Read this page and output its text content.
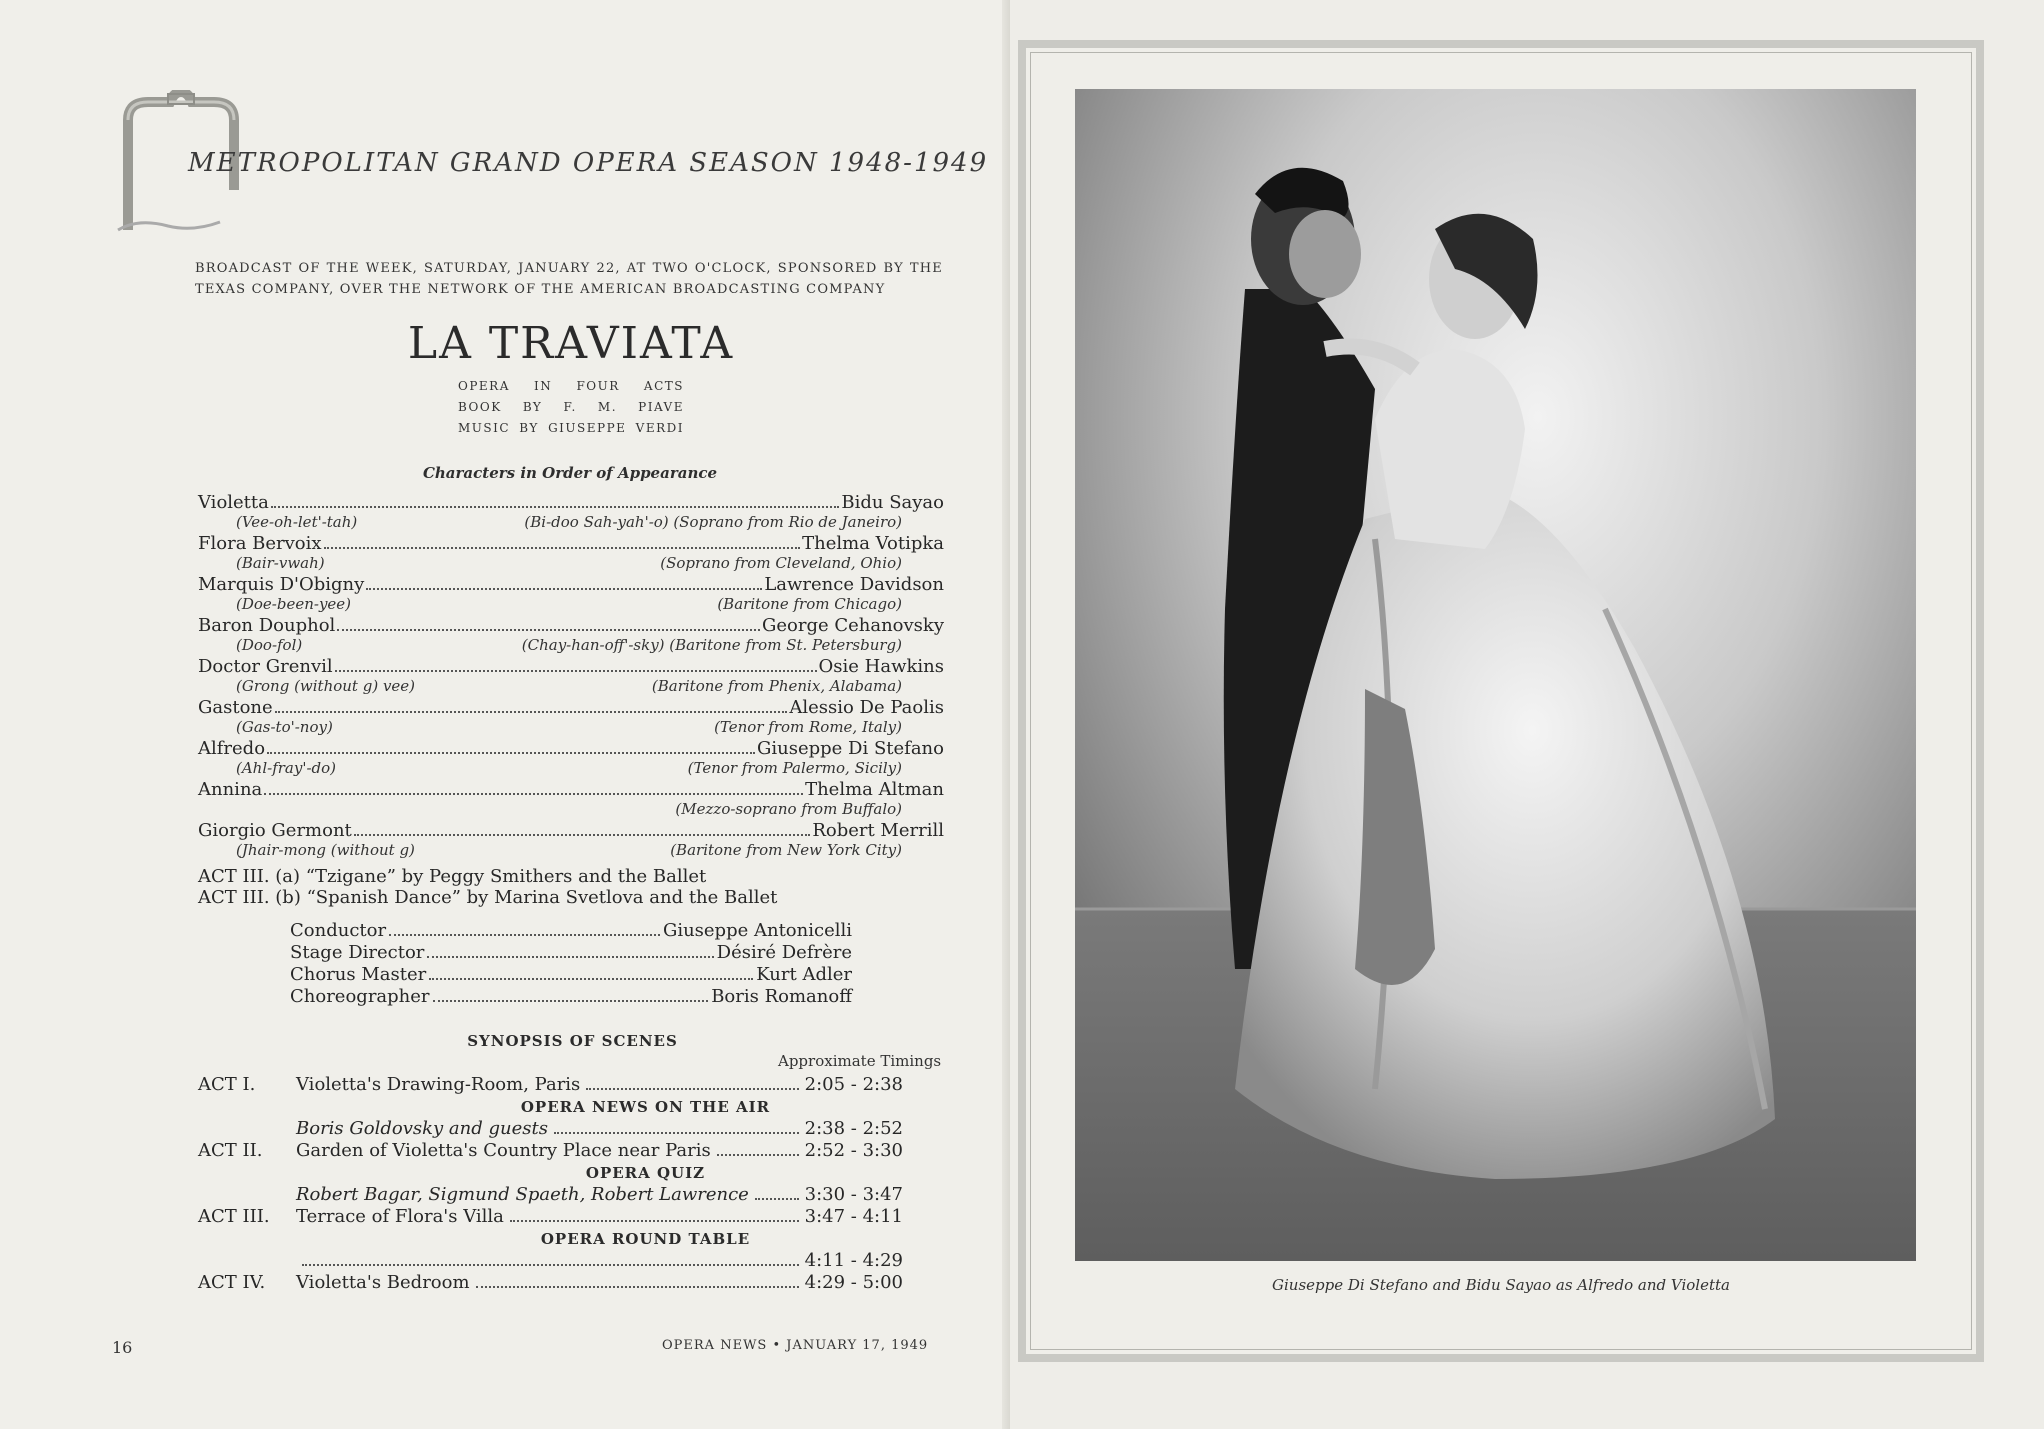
METROPOLITAN GRAND OPERA SEASON 1948-1949
BROADCAST OF THE WEEK, SATURDAY, JANUARY 22, AT TWO O'CLOCK, SPONSORED BY THE TEXAS COMPANY, OVER THE NETWORK OF THE AMERICAN BROADCASTING COMPANY
LA TRAVIATA
OPERA IN FOUR ACTS
BOOK BY F. M. PIAVE
MUSIC BY GIUSEPPE VERDI
Characters in Order of Appearance
Violetta	Bidu Sayao
(Vee-oh-let'-tah)	(Bi-doo Sah-yah'-o) (Soprano from Rio de Janeiro)
Flora Bervoix	Thelma Votipka
(Bair-vwah)	(Soprano from Cleveland, Ohio)
Marquis D'Obigny	Lawrence Davidson
(Doe-been-yee)	(Baritone from Chicago)
Baron Douphol	George Cehanovsky
(Doo-fol)	(Chay-han-off'-sky) (Baritone from St. Petersburg)
Doctor Grenvil	Osie Hawkins
(Grong (without g) vee)	(Baritone from Phenix, Alabama)
Gastone	Alessio De Paolis
(Gas-to'-noy)	(Tenor from Rome, Italy)
Alfredo	Giuseppe Di Stefano
(Ahl-fray'-do)	(Tenor from Palermo, Sicily)
Annina	Thelma Altman
(Mezzo-soprano from Buffalo)
Giorgio Germont	Robert Merrill
(Jhair-mong (without g)	(Baritone from New York City)
ACT III. (a) “Tzigane” by Peggy Smithers and the Ballet
ACT III. (b) “Spanish Dance” by Marina Svetlova and the Ballet
Conductor	Giuseppe Antonicelli
Stage Director	Désiré Defrère
Chorus Master	Kurt Adler
Choreographer	Boris Romanoff
SYNOPSIS OF SCENES
Approximate Timings
ACT I.	Violetta's Drawing-Room, Paris	2:05 - 2:38
OPERA NEWS ON THE AIR
Boris Goldovsky and guests	2:38 - 2:52
ACT II.	Garden of Violetta's Country Place near Paris	2:52 - 3:30
OPERA QUIZ
Robert Bagar, Sigmund Spaeth, Robert Lawrence	3:30 - 3:47
ACT III.	Terrace of Flora's Villa	3:47 - 4:11
OPERA ROUND TABLE
4:11 - 4:29
ACT IV.	Violetta's Bedroom	4:29 - 5:00
16	OPERA NEWS • JANUARY 17, 1949
Giuseppe Di Stefano and Bidu Sayao as Alfredo and Violetta
